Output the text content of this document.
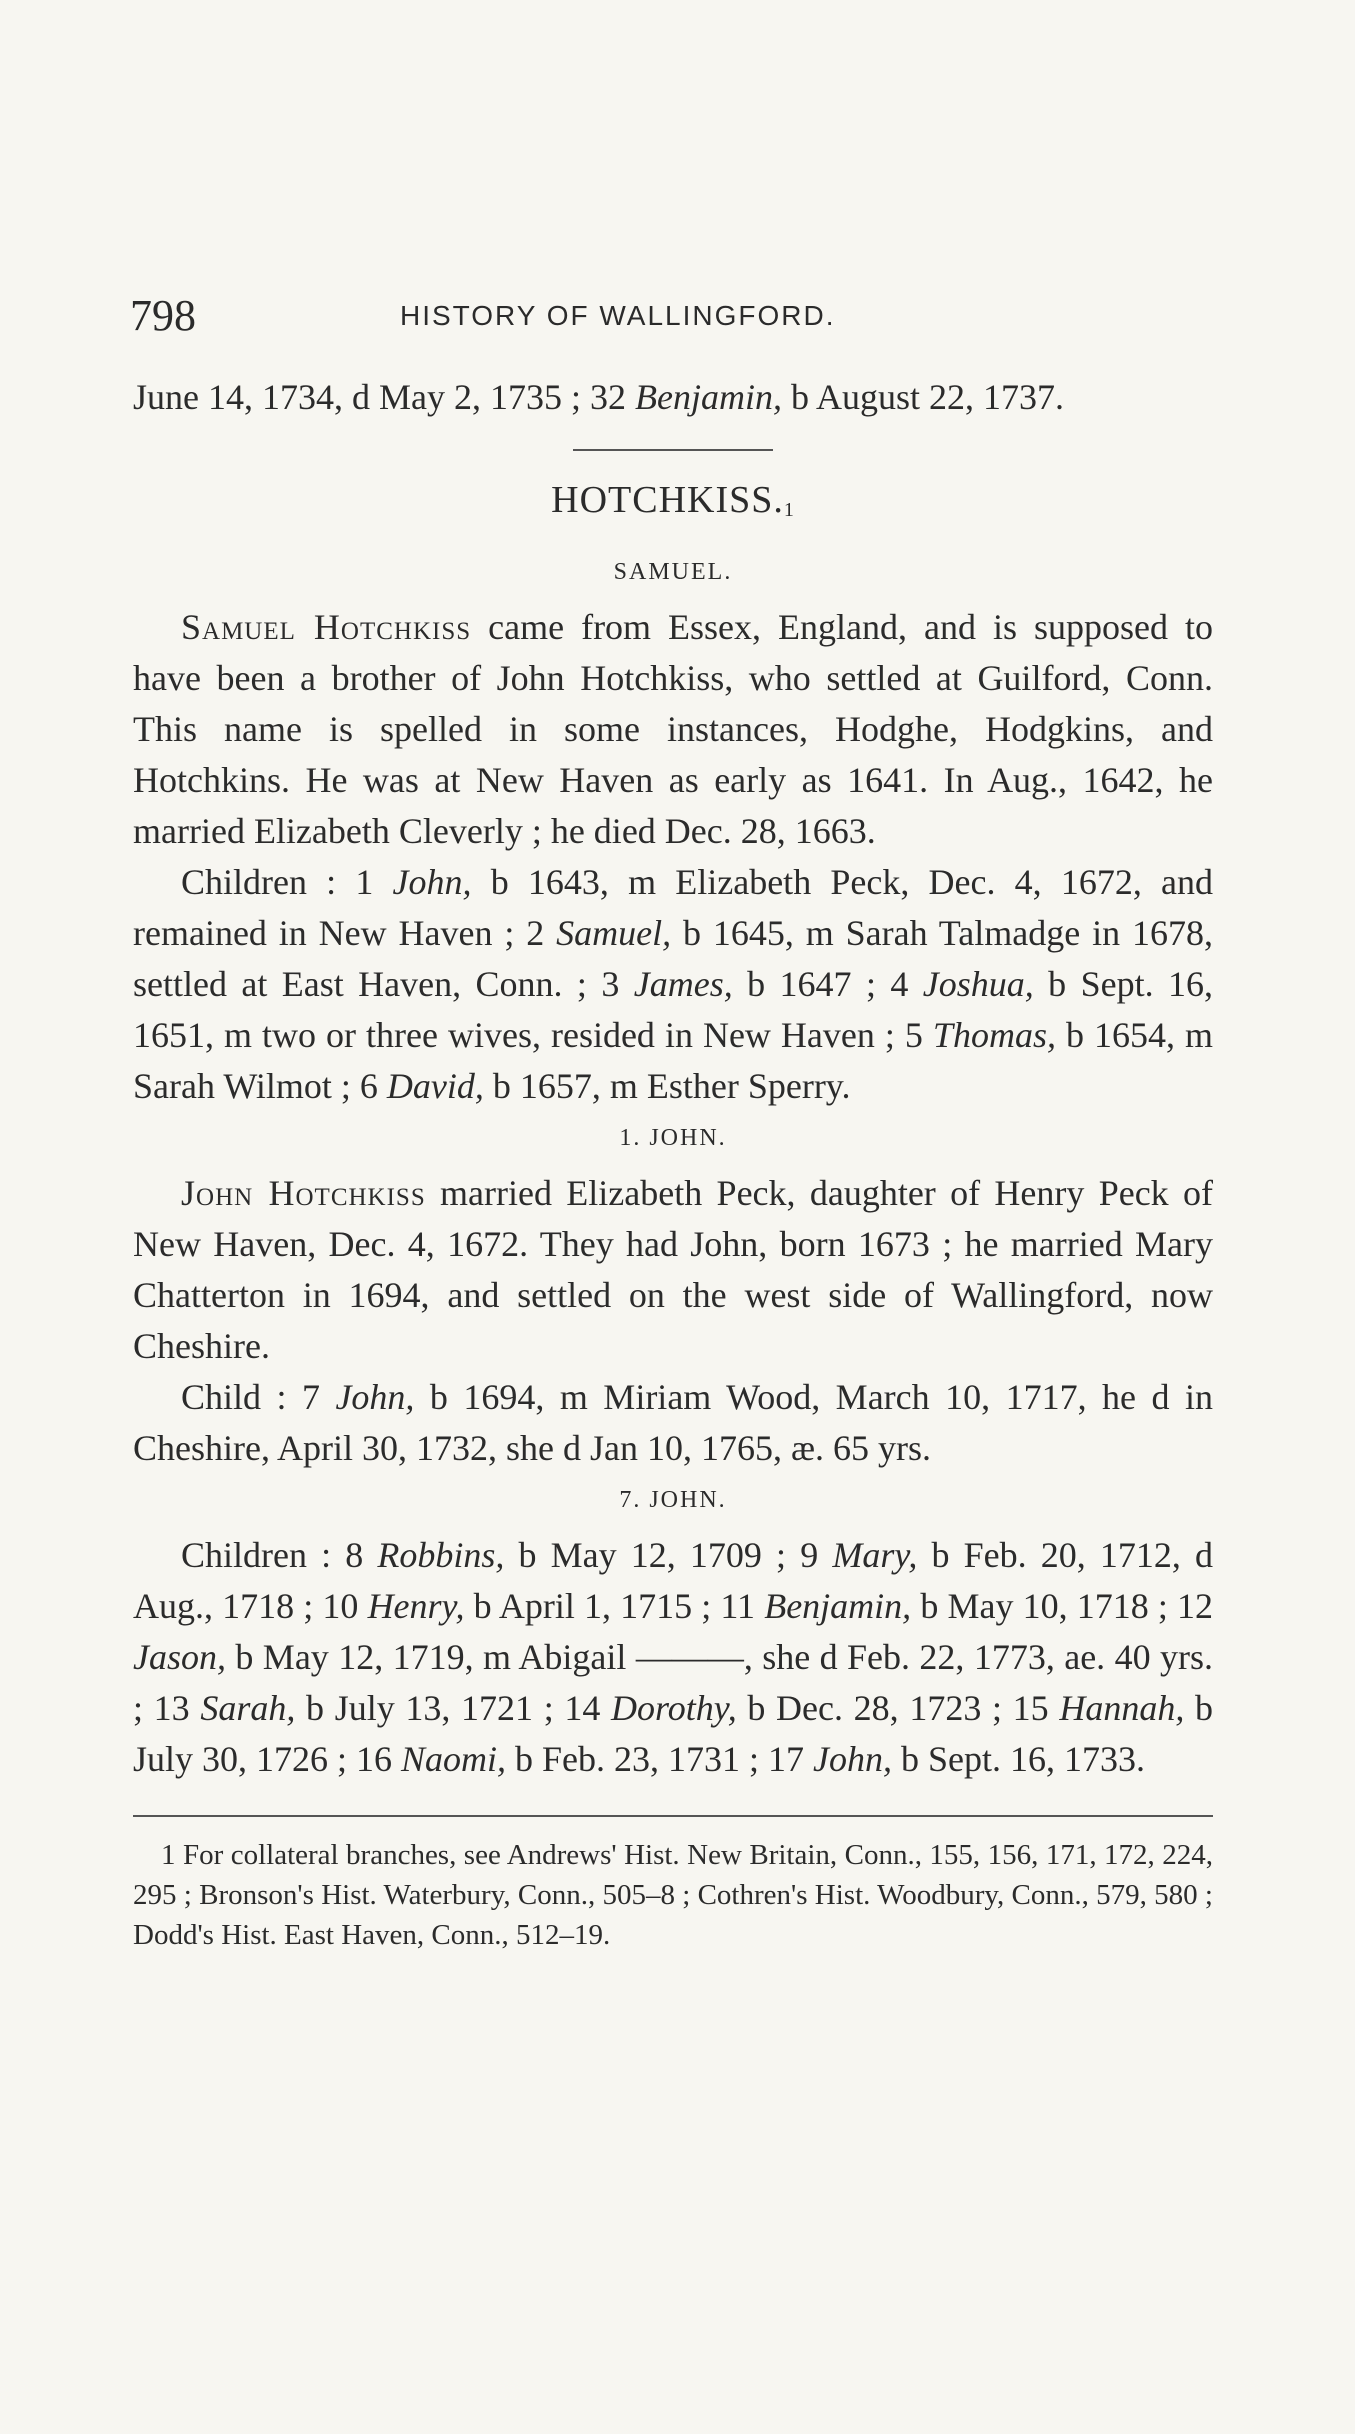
798	HISTORY OF WALLINGFORD.

June 14, 1734, d May 2, 1735 ; 32 Benjamin, b August 22, 1737.

HOTCHKISS.$^1$
SAMUEL.

Samuel Hotchkiss came from Essex, England, and is supposed to have been a brother of John Hotchkiss, who settled at Guilford, Conn. This name is spelled in some instances, Hodghe, Hodgkins, and Hotchkins. He was at New Haven as early as 1641. In Aug., 1642, he married Elizabeth Cleverly ; he died Dec. 28, 1663.

Children : 1 John, b 1643, m Elizabeth Peck, Dec. 4, 1672, and remained in New Haven ; 2 Samuel, b 1645, m Sarah Talmadge in 1678, settled at East Haven, Conn. ; 3 James, b 1647 ; 4 Joshua, b Sept. 16, 1651, m two or three wives, resided in New Haven ; 5 Thomas, b 1654, m Sarah Wilmot ; 6 David, b 1657, m Esther Sperry.

1. JOHN.

John Hotchkiss married Elizabeth Peck, daughter of Henry Peck of New Haven, Dec. 4, 1672. They had John, born 1673 ; he married Mary Chatterton in 1694, and settled on the west side of Wallingford, now Cheshire.

Child : 7 John, b 1694, m Miriam Wood, March 10, 1717, he d in Cheshire, April 30, 1732, she d Jan 10, 1765, æ. 65 yrs.

7. JOHN.

Children : 8 Robbins, b May 12, 1709 ; 9 Mary, b Feb. 20, 1712, d Aug., 1718 ; 10 Henry, b April 1, 1715 ; 11 Benjamin, b May 10, 1718 ; 12 Jason, b May 12, 1719, m Abigail ———, she d Feb. 22, 1773, ae. 40 yrs. ; 13 Sarah, b July 13, 1721 ; 14 Dorothy, b Dec. 28, 1723 ; 15 Hannah, b July 30, 1726 ; 16 Naomi, b Feb. 23, 1731 ; 17 John, b Sept. 16, 1733.

1 For collateral branches, see Andrews' Hist. New Britain, Conn., 155, 156, 171, 172, 224, 295 ; Bronson's Hist. Waterbury, Conn., 505–8 ; Cothren's Hist. Woodbury, Conn., 579, 580 ; Dodd's Hist. East Haven, Conn., 512–19.
